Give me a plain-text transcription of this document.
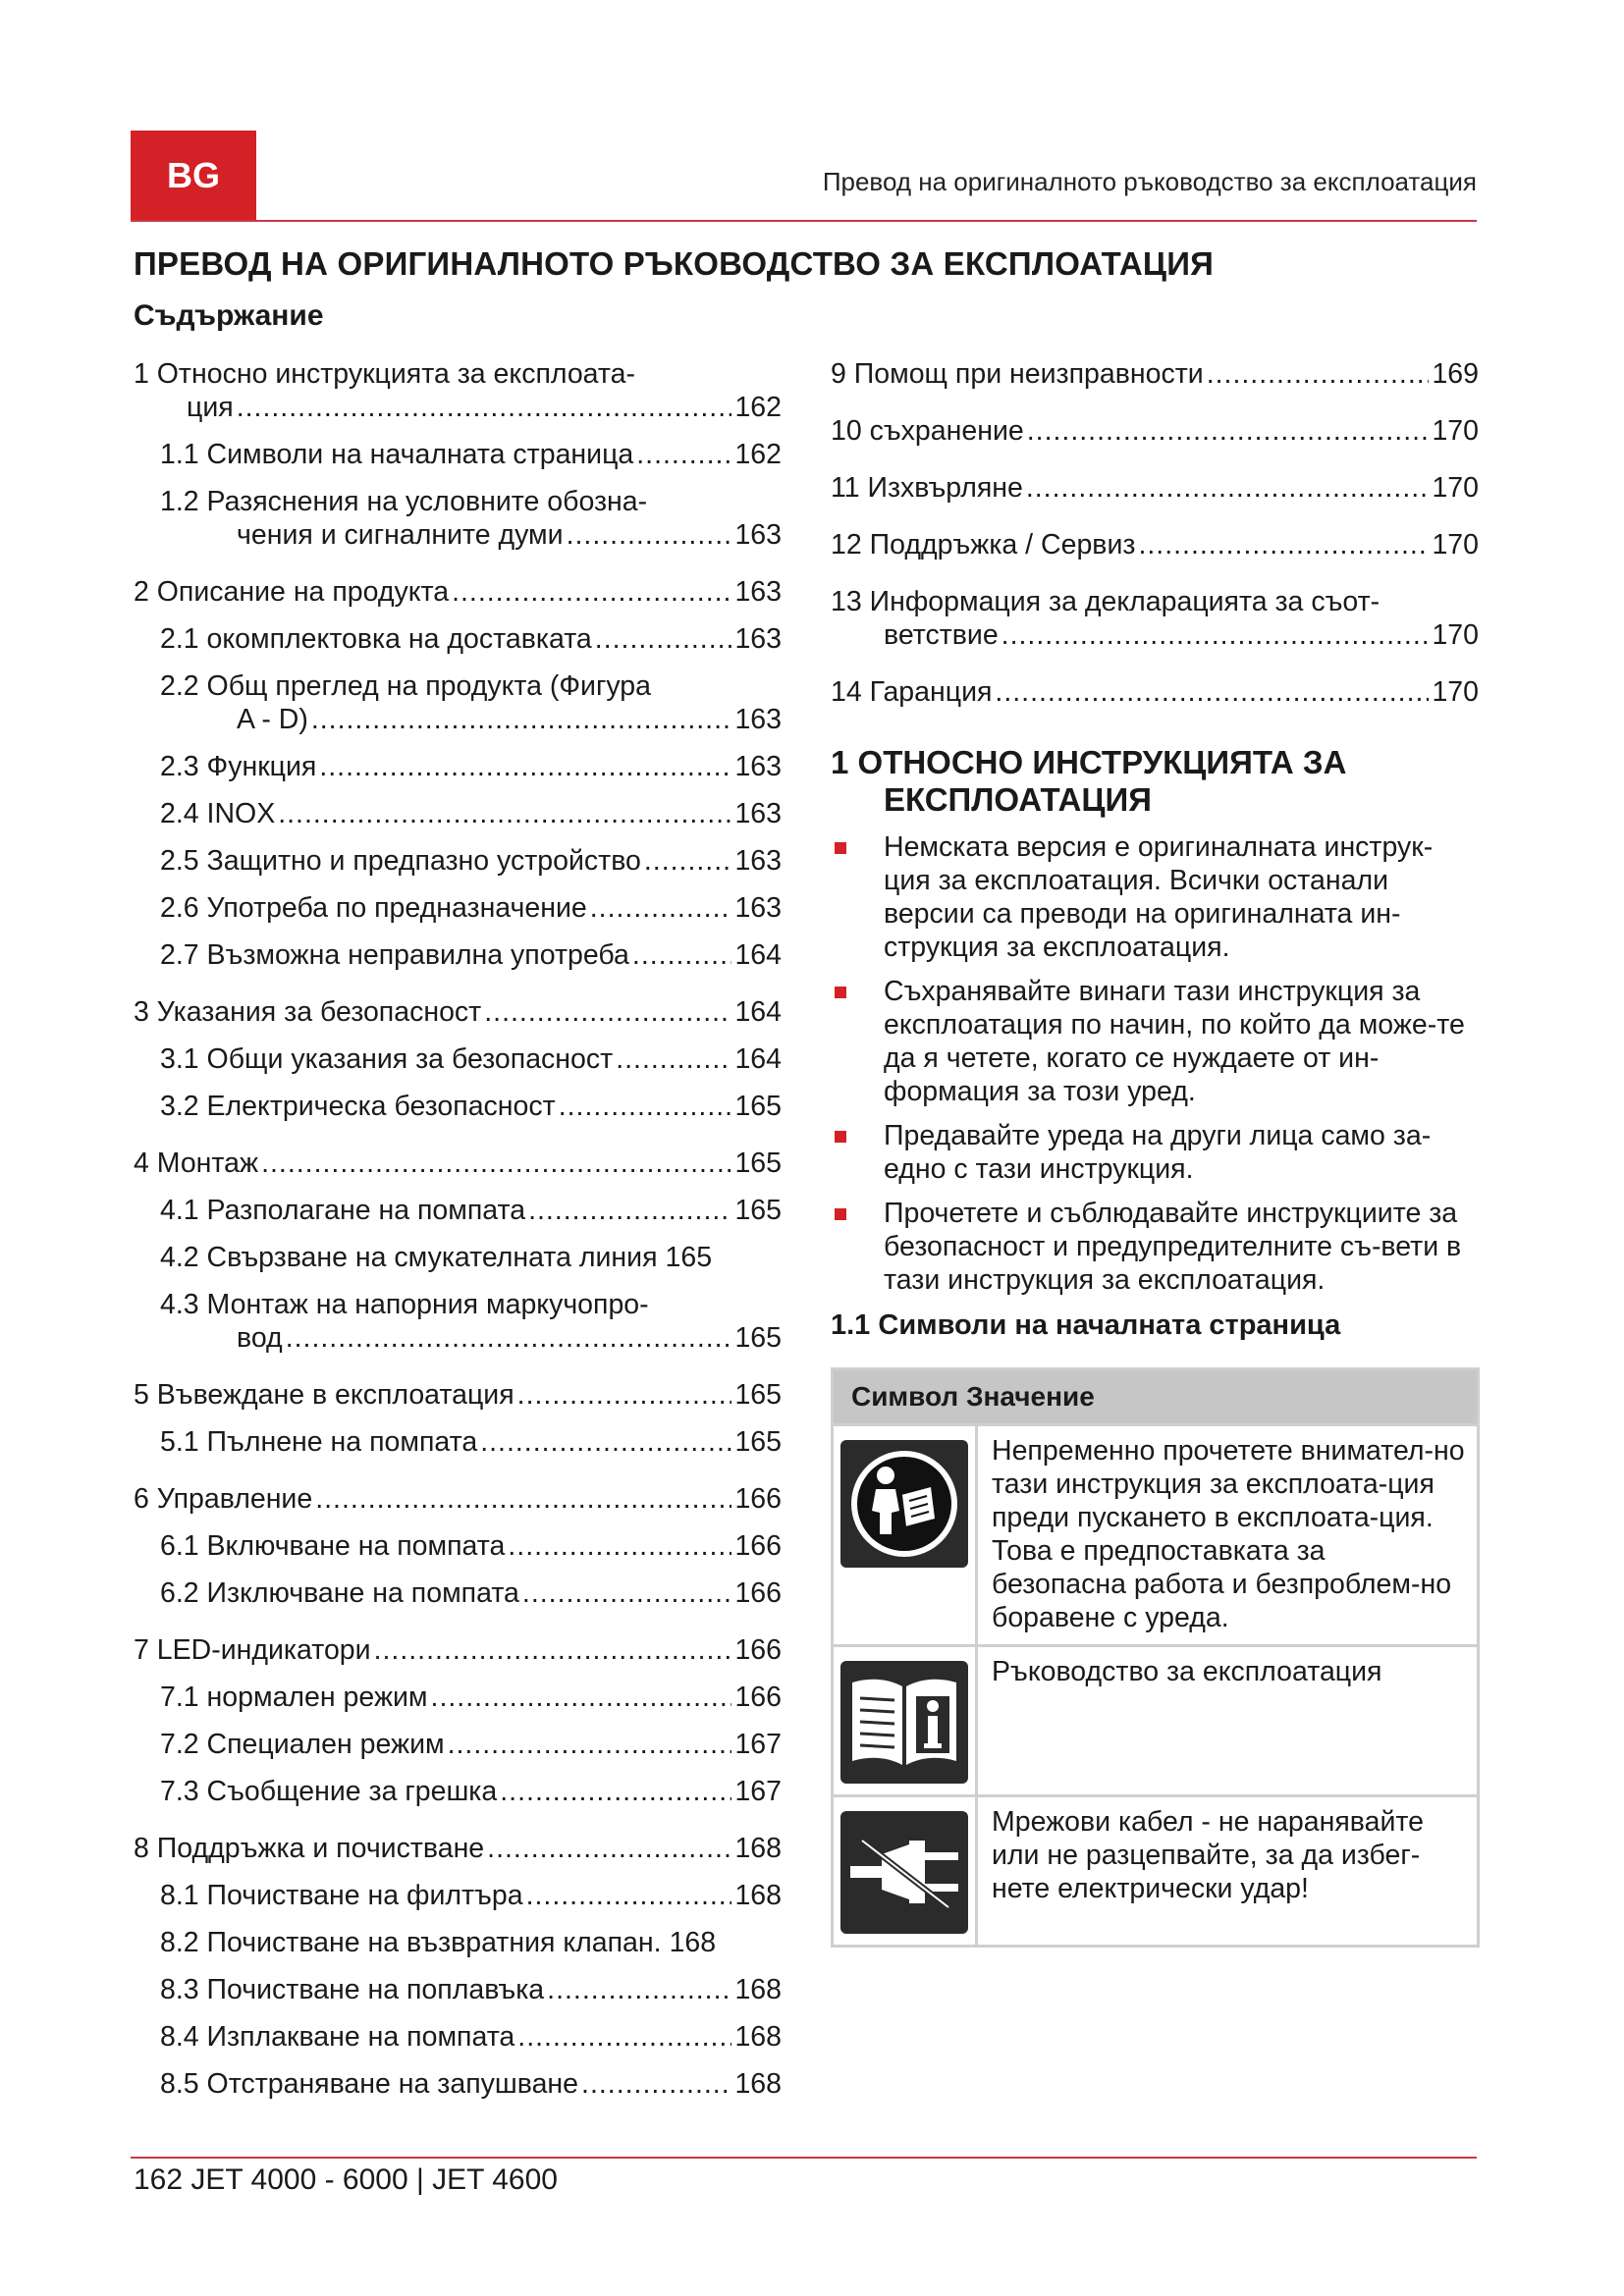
BG	Превод на оригиналното ръководство за експлоатация
ПРЕВОД НА ОРИГИНАЛНОТО РЪКОВОДСТВО ЗА ЕКСПЛОАТАЦИЯ
Съдържание
1 Относно инструкцията за експлоата-
ция .....	162
1.1 Символи на началната страница .....	162
1.2 Разяснения на условните обозна-
чения и сигналните думи .....	163
2 Описание на продукта .....	163
2.1 окомплектовка на доставката .....	163
2.2 Общ преглед на продукта (Фигура
A - D) .....	163
2.3 Функция .....	163
2.4 INOX .....	163
2.5 Защитно и предпазно устройство .....	163
2.6 Употреба по предназначение .....	163
2.7 Възможна неправилна употреба .....	164
3 Указания за безопасност .....	164
3.1 Общи указания за безопасност .....	164
3.2 Електрическа безопасност .....	165
4 Монтаж .....	165
4.1 Разполагане на помпата .....	165
4.2 Свързване на смукателната линия 165
4.3 Монтаж на напорния маркучопро-
вод .....	165
5 Въвеждане в експлоатация .....	165
5.1 Пълнене на помпата .....	165
6 Управление .....	166
6.1 Включване на помпата .....	166
6.2 Изключване на помпата .....	166
7 LED-индикатори .....	166
7.1 нормален режим .....	166
7.2 Специален режим .....	167
7.3 Съобщение за грешка .....	167
8 Поддръжка и почистване .....	168
8.1 Почистване на филтъра .....	168
8.2 Почистване на възвратния клапан. 168
8.3 Почистване на поплавъка .....	168
8.4 Изплакване на помпата .....	168
8.5 Отстраняване на запушване .....	168
9 Помощ при неизправности .....	169
10 съхранение .....	170
11 Изхвърляне .....	170
12 Поддръжка / Сервиз .....	170
13 Информация за декларацията за съот-
ветствие .....	170
14 Гаранция .....	170
1 ОТНОСНО ИНСТРУКЦИЯТА ЗА
ЕКСПЛОАТАЦИЯ
Немската версия е оригиналната инструк-ция за експлоатация. Всички останали версии са преводи на оригиналната ин-струкция за експлоатация.
Съхранявайте винаги тази инструкция за експлоатация по начин, по който да може-те да я четете, когато се нуждаете от ин-формация за този уред.
Предавайте уреда на други лица само за-едно с тази инструкция.
Прочетете и съблюдавайте инструкциите за безопасност и предупредителните съ-вети в тази инструкция за експлоатация.
1.1 Символи на началната страница
Символ Значение
Непременно прочетете внимател-но тази инструкция за експлоата-ция преди пускането в експлоата-ция. Това е предпоставката за безопасна работа и безпроблем-но боравене с уреда.
Ръководство за експлоатация
Мрежови кабел - не наранявайте или не разцепвайте, за да избег-нете електрически удар!
162 JET 4000 - 6000 | JET 4600
